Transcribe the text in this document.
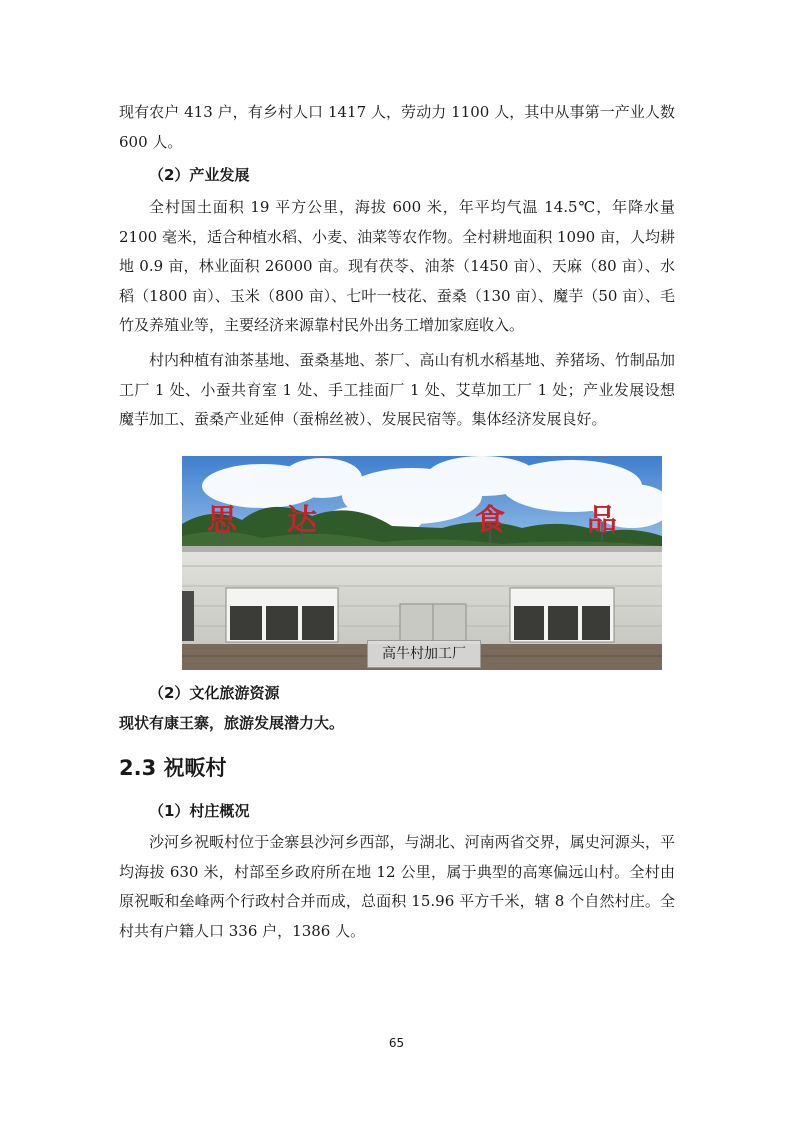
现有农户 413 户，有乡村人口 1417 人，劳动力 1100 人，其中从事第一产业人数 600 人。

（2）产业发展

全村国土面积 19 平方公里，海拔 600 米，年平均气温 14.5℃，年降水量 2100 毫米，适合种植水稻、小麦、油菜等农作物。全村耕地面积 1090 亩，人均耕地 0.9 亩，林业面积 26000 亩。现有茯苓、油茶（1450 亩）、天麻（80 亩）、水稻（1800 亩）、玉米（800 亩）、七叶一枝花、蚕桑（130 亩）、魔芋（50 亩）、毛竹及养殖业等，主要经济来源靠村民外出务工增加家庭收入。

村内种植有油茶基地、蚕桑基地、茶厂、高山有机水稻基地、养猪场、竹制品加工厂 1 处、小蚕共育室 1 处、手工挂面厂 1 处、艾草加工厂 1 处；产业发展设想魔芋加工、蚕桑产业延伸（蚕棉丝被）、发展民宿等。集体经济发展良好。

思 达	食	品
高牛村加工厂

（2）文化旅游资源

现状有康王寨，旅游发展潜力大。

2.3 祝畈村

（1）村庄概况

沙河乡祝畈村位于金寨县沙河乡西部，与湖北、河南两省交界，属史河源头，平均海拔 630 米，村部至乡政府所在地 12 公里，属于典型的高寒偏远山村。全村由原祝畈和垒峰两个行政村合并而成，总面积 15.96 平方千米，辖 8 个自然村庄。全村共有户籍人口 336 户，1386 人。

65
